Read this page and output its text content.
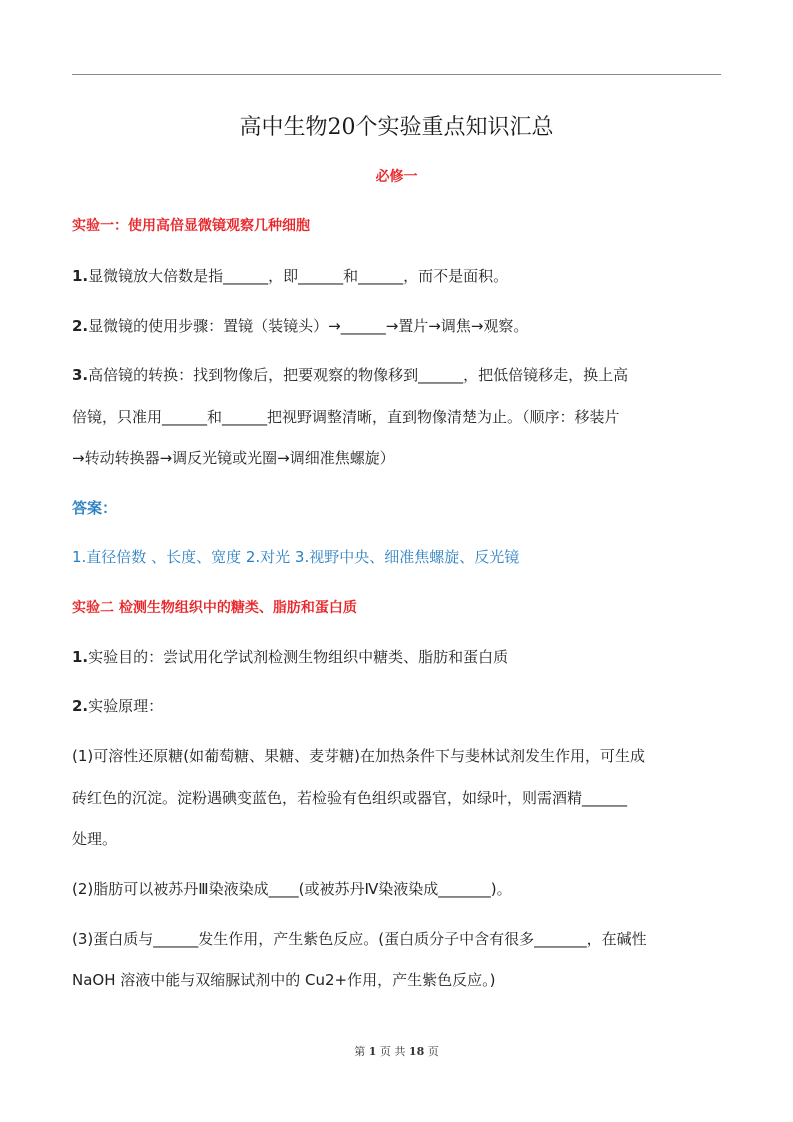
高中生物20个实验重点知识汇总
必修一
实验一：使用高倍显微镜观察几种细胞
1.显微镜放大倍数是指______，即______和______，而不是面积。
2.显微镜的使用步骤：置镜（装镜头）→______→置片→调焦→观察。
3.高倍镜的转换：找到物像后，把要观察的物像移到______，把低倍镜移走，换上高
倍镜，只准用______和______把视野调整清晰，直到物像清楚为止。（顺序：移装片
→转动转换器→调反光镜或光圈→调细准焦螺旋）
答案：
1.直径倍数 、长度、宽度 2.对光 3.视野中央、细准焦螺旋、反光镜
实验二 检测生物组织中的糖类、脂肪和蛋白质
1.实验目的：尝试用化学试剂检测生物组织中糖类、脂肪和蛋白质
2.实验原理：
(1)可溶性还原糖(如葡萄糖、果糖、麦芽糖)在加热条件下与斐林试剂发生作用，可生成
砖红色的沉淀。淀粉遇碘变蓝色，若检验有色组织或器官，如绿叶，则需酒精______
处理。
(2)脂肪可以被苏丹Ⅲ染液染成____(或被苏丹Ⅳ染液染成_______)。
(3)蛋白质与______发生作用，产生紫色反应。(蛋白质分子中含有很多_______，在碱性
NaOH 溶液中能与双缩脲试剂中的 Cu2+作用，产生紫色反应。)
第 1 页 共 18 页
